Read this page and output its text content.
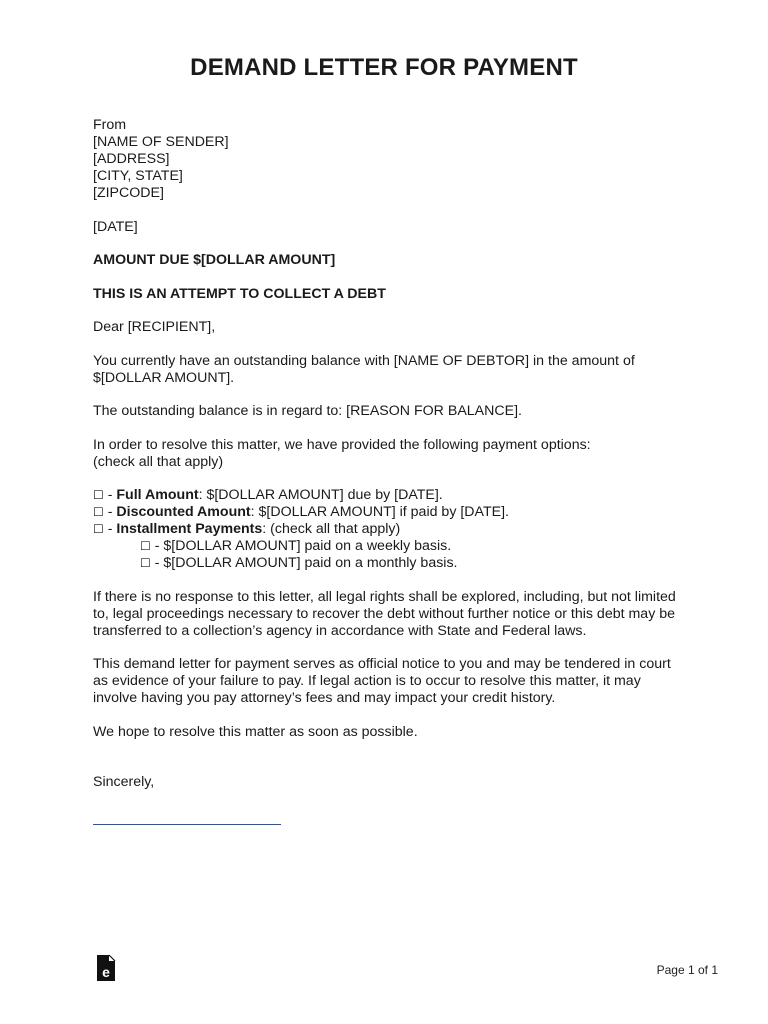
DEMAND LETTER FOR PAYMENT

From

[NAME OF SENDER]

[ADDRESS]

[CITY, STATE]

[ZIPCODE]

[DATE]

AMOUNT DUE $[DOLLAR AMOUNT]

THIS IS AN ATTEMPT TO COLLECT A DEBT

Dear [RECIPIENT],

You currently have an outstanding balance with [NAME OF DEBTOR] in the amount of $[DOLLAR AMOUNT].

The outstanding balance is in regard to: [REASON FOR BALANCE].

In order to resolve this matter, we have provided the following payment options:

(check all that apply)

☐ - Full Amount: $[DOLLAR AMOUNT] due by [DATE].
☐ - Discounted Amount: $[DOLLAR AMOUNT] if paid by [DATE].
☐ - Installment Payments: (check all that apply)
☐ - $[DOLLAR AMOUNT] paid on a weekly basis.
☐ - $[DOLLAR AMOUNT] paid on a monthly basis.

If there is no response to this letter, all legal rights shall be explored, including, but not limited to, legal proceedings necessary to recover the debt without further notice or this debt may be transferred to a collection’s agency in accordance with State and Federal laws.

This demand letter for payment serves as official notice to you and may be tendered in court as evidence of your failure to pay. If legal action is to occur to resolve this matter, it may involve having you pay attorney’s fees and may impact your credit history.

We hope to resolve this matter as soon as possible.

Sincerely,

e	Page 1 of 1
